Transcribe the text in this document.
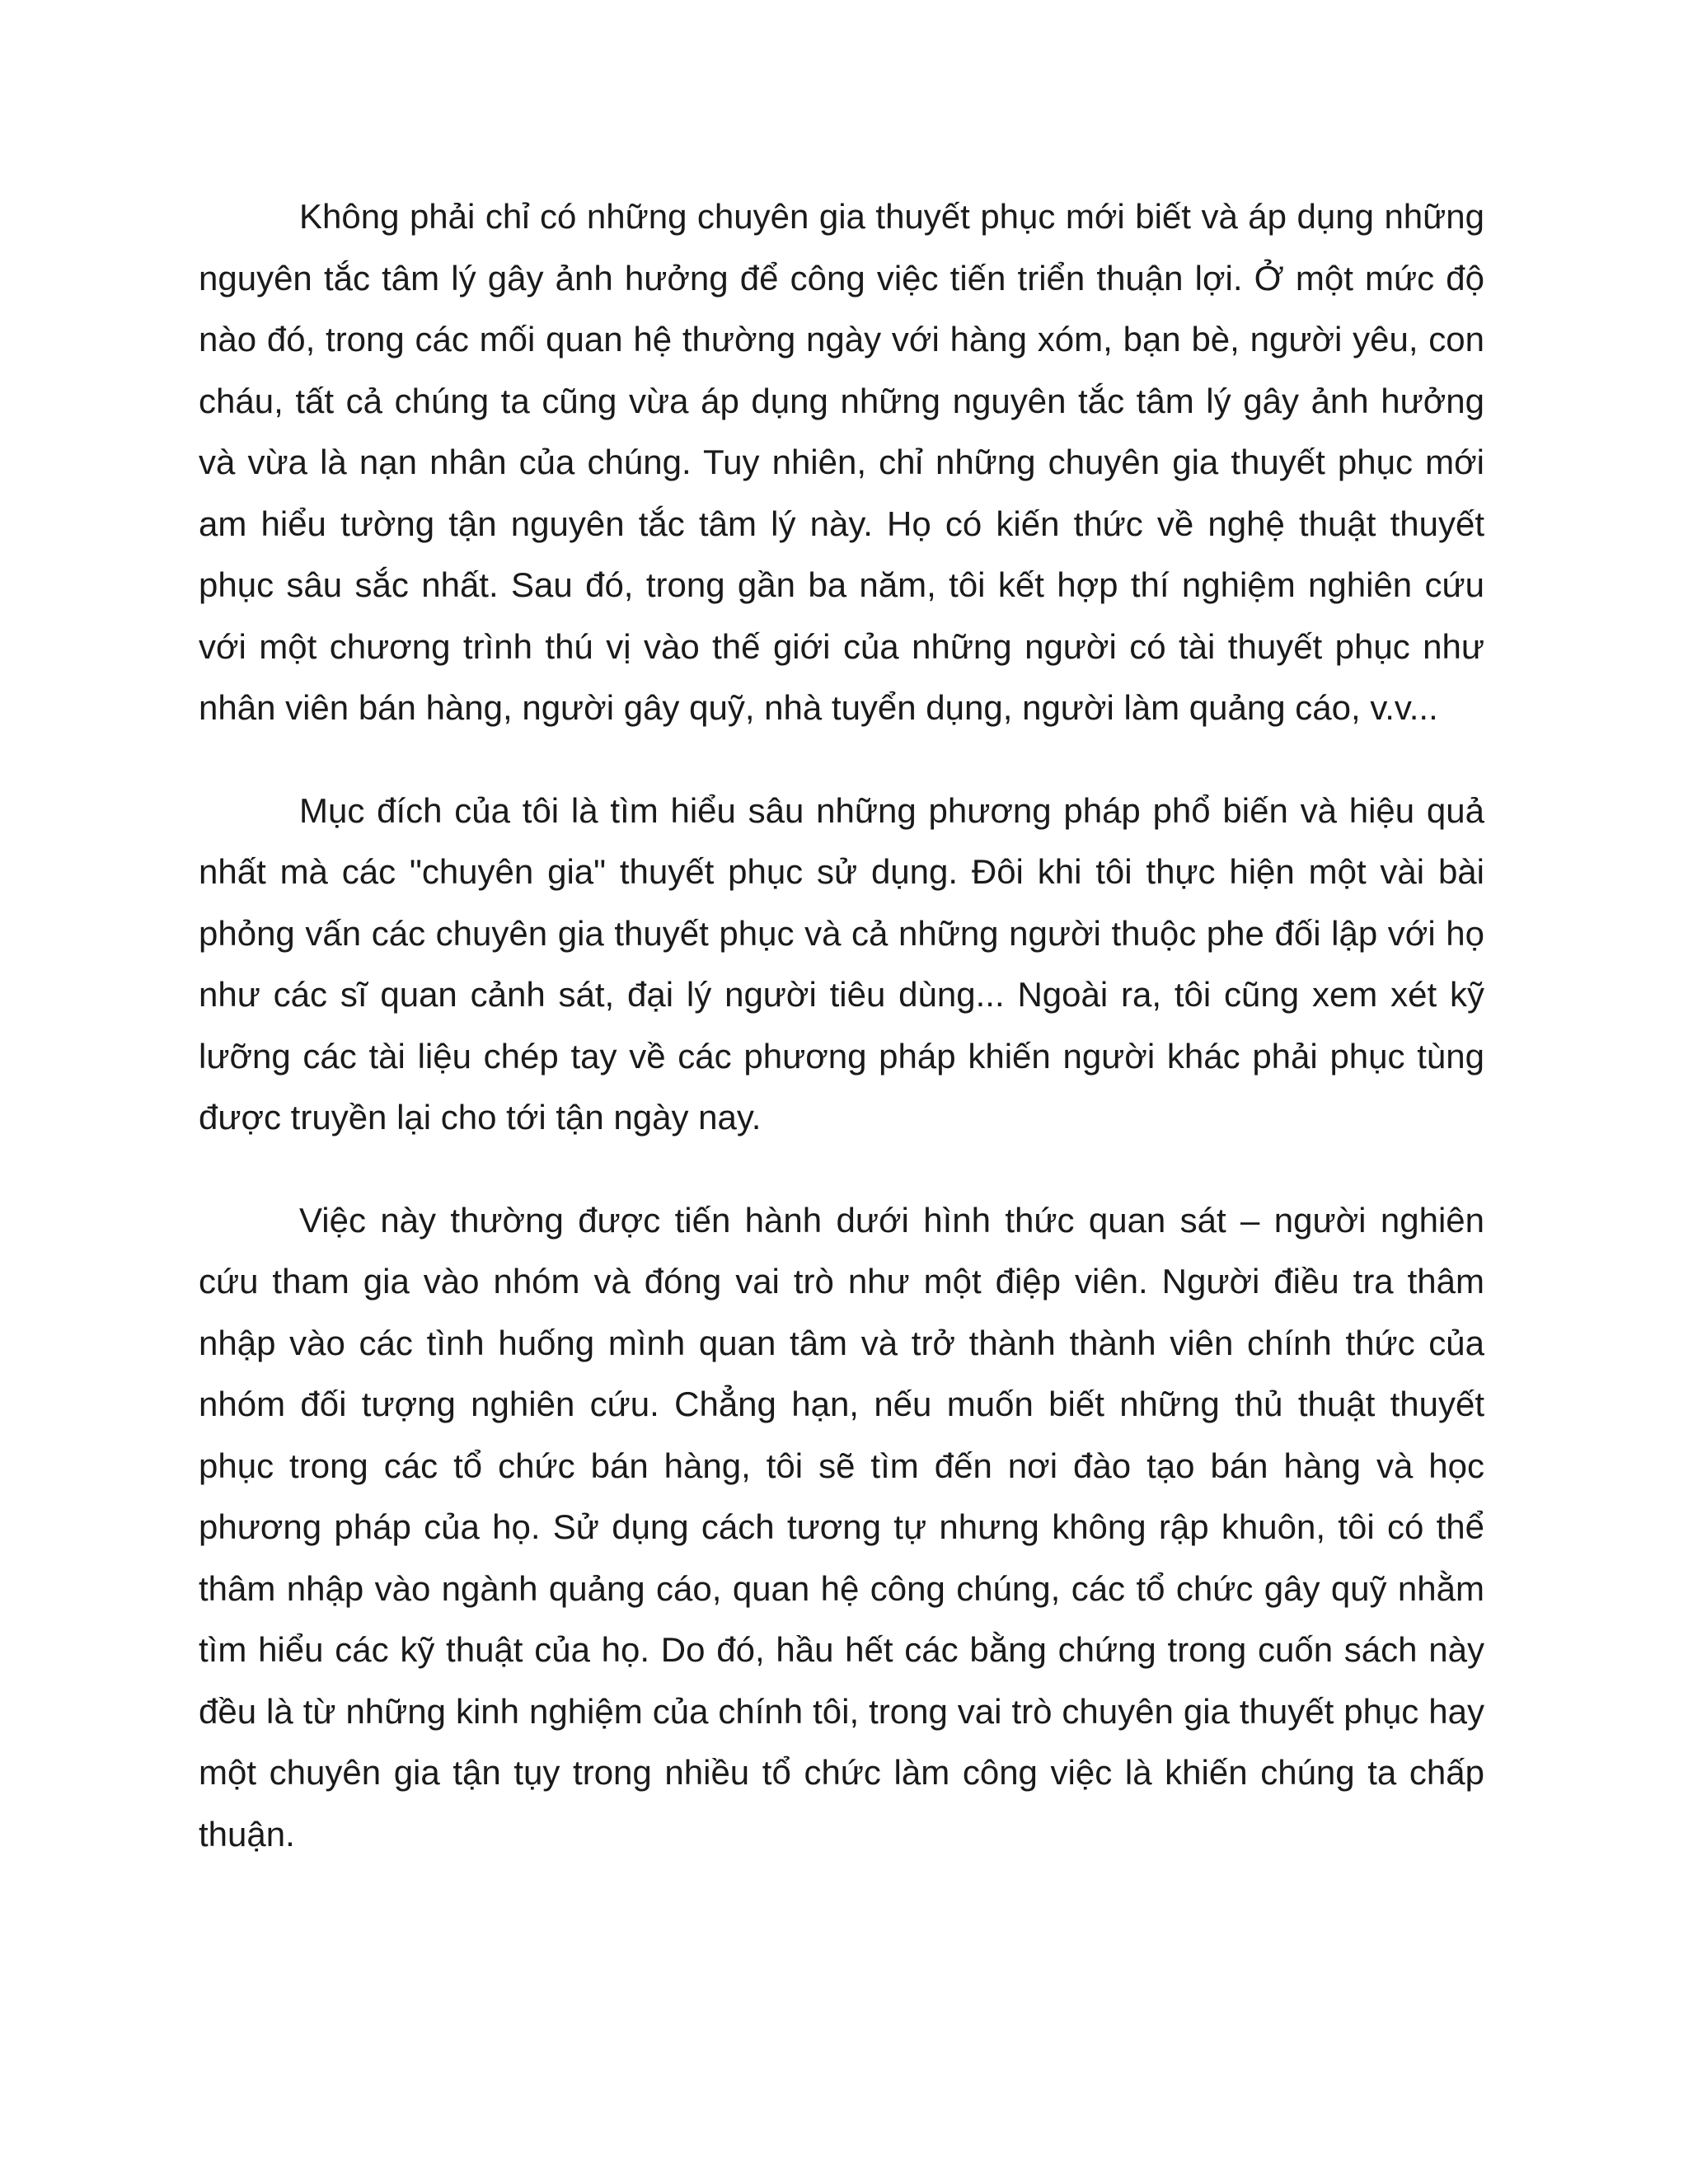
Không phải chỉ có những chuyên gia thuyết phục mới biết và áp dụng những nguyên tắc tâm lý gây ảnh hưởng để công việc tiến triển thuận lợi. Ở một mức độ nào đó, trong các mối quan hệ thường ngày với hàng xóm, bạn bè, người yêu, con cháu, tất cả chúng ta cũng vừa áp dụng những nguyên tắc tâm lý gây ảnh hưởng và vừa là nạn nhân của chúng. Tuy nhiên, chỉ những chuyên gia thuyết phục mới am hiểu tường tận nguyên tắc tâm lý này. Họ có kiến thức về nghệ thuật thuyết phục sâu sắc nhất. Sau đó, trong gần ba năm, tôi kết hợp thí nghiệm nghiên cứu với một chương trình thú vị vào thế giới của những người có tài thuyết phục như nhân viên bán hàng, người gây quỹ, nhà tuyển dụng, người làm quảng cáo, v.v...

Mục đích của tôi là tìm hiểu sâu những phương pháp phổ biến và hiệu quả nhất mà các "chuyên gia" thuyết phục sử dụng. Đôi khi tôi thực hiện một vài bài phỏng vấn các chuyên gia thuyết phục và cả những người thuộc phe đối lập với họ như các sĩ quan cảnh sát, đại lý người tiêu dùng... Ngoài ra, tôi cũng xem xét kỹ lưỡng các tài liệu chép tay về các phương pháp khiến người khác phải phục tùng được truyền lại cho tới tận ngày nay.

Việc này thường được tiến hành dưới hình thức quan sát – người nghiên cứu tham gia vào nhóm và đóng vai trò như một điệp viên. Người điều tra thâm nhập vào các tình huống mình quan tâm và trở thành thành viên chính thức của nhóm đối tượng nghiên cứu. Chẳng hạn, nếu muốn biết những thủ thuật thuyết phục trong các tổ chức bán hàng, tôi sẽ tìm đến nơi đào tạo bán hàng và học phương pháp của họ. Sử dụng cách tương tự nhưng không rập khuôn, tôi có thể thâm nhập vào ngành quảng cáo, quan hệ công chúng, các tổ chức gây quỹ nhằm tìm hiểu các kỹ thuật của họ. Do đó, hầu hết các bằng chứng trong cuốn sách này đều là từ những kinh nghiệm của chính tôi, trong vai trò chuyên gia thuyết phục hay một chuyên gia tận tụy trong nhiều tổ chức làm công việc là khiến chúng ta chấp thuận.
